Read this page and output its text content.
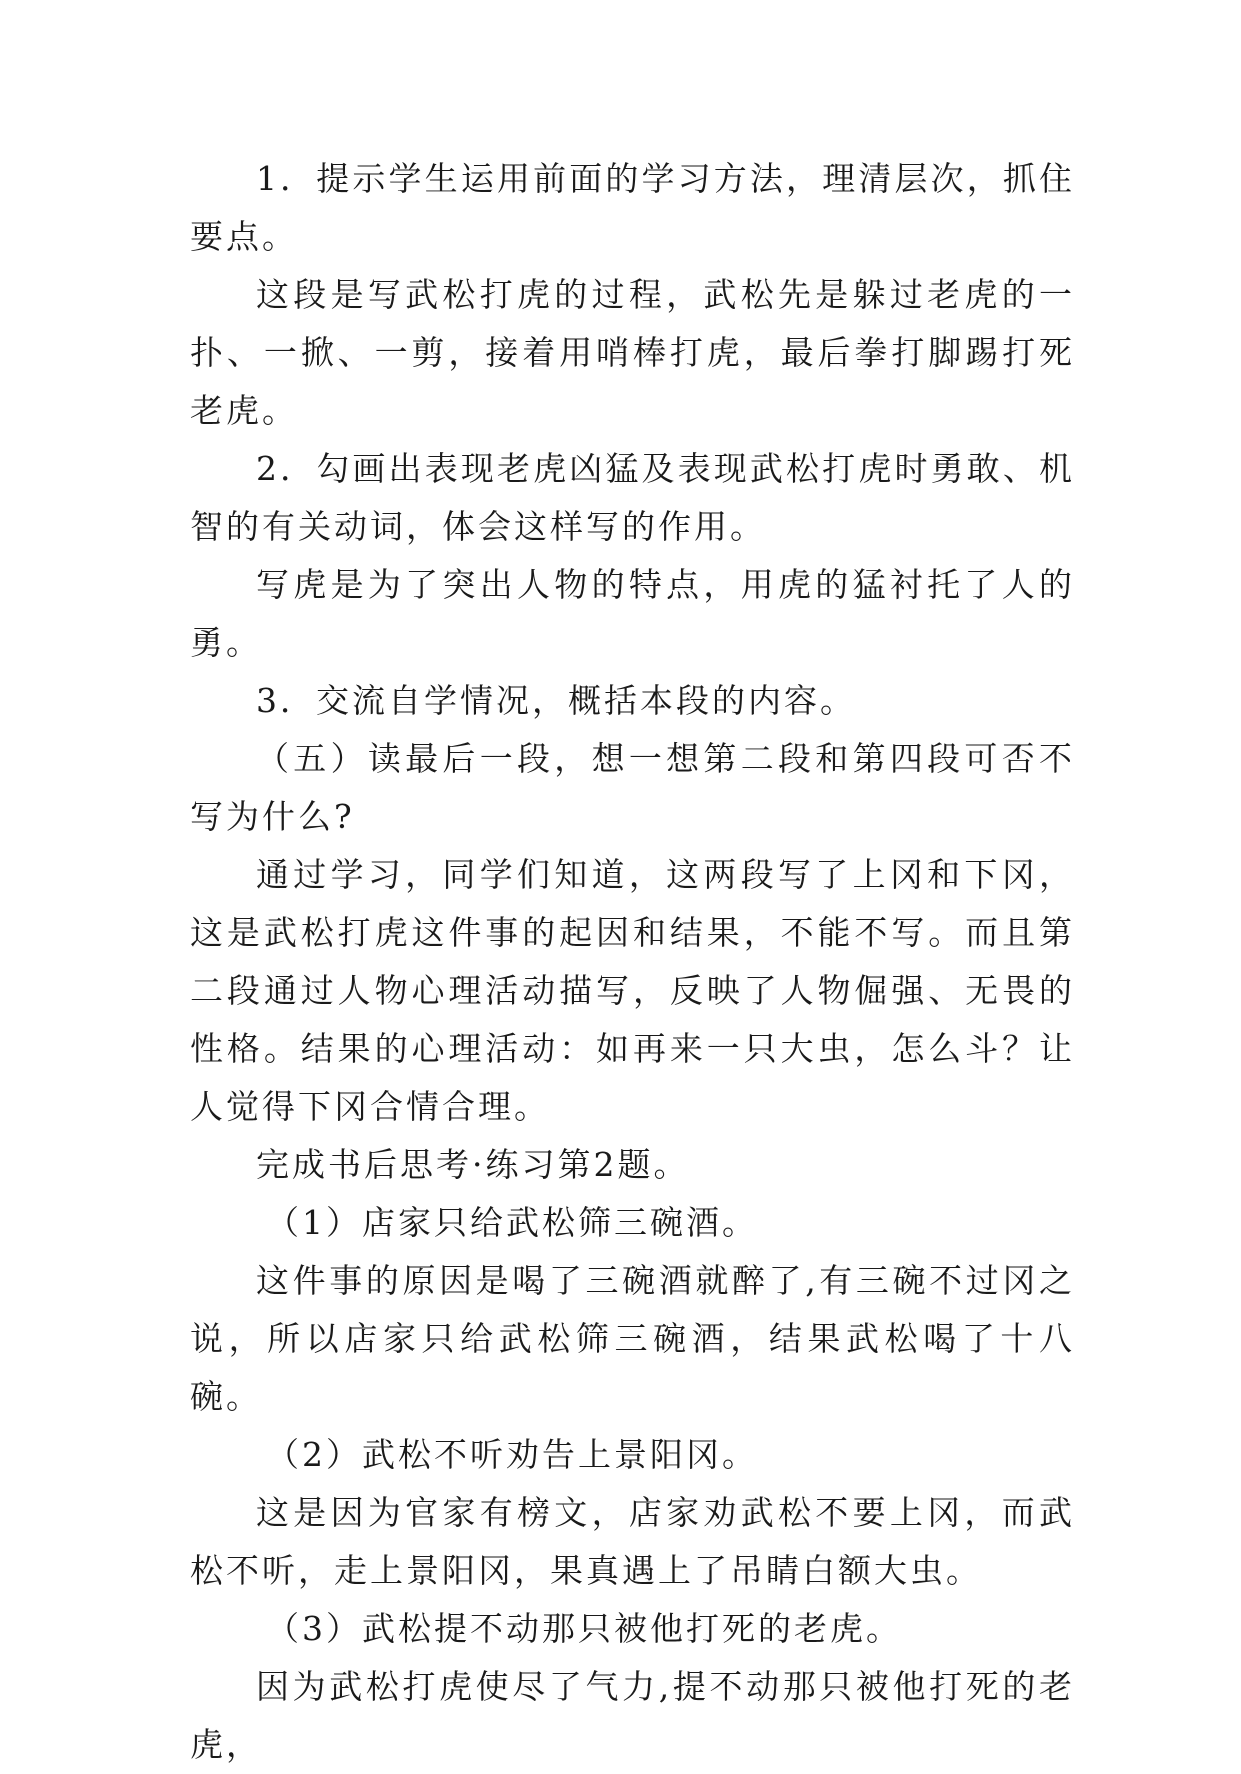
1．提示学生运用前面的学习方法，理清层次，抓住要点。

这段是写武松打虎的过程，武松先是躲过老虎的一扑、一掀、一剪，接着用哨棒打虎，最后拳打脚踢打死老虎。

2．勾画出表现老虎凶猛及表现武松打虎时勇敢、机智的有关动词，体会这样写的作用。

写虎是为了突出人物的特点，用虎的猛衬托了人的勇。

3．交流自学情况，概括本段的内容。

（五）读最后一段，想一想第二段和第四段可否不写为什么?

通过学习，同学们知道，这两段写了上冈和下冈，这是武松打虎这件事的起因和结果，不能不写。而且第二段通过人物心理活动描写，反映了人物倔强、无畏的性格。结果的心理活动：如再来一只大虫，怎么斗？让人觉得下冈合情合理。

完成书后思考·练习第2题。

（1）店家只给武松筛三碗酒。

这件事的原因是喝了三碗酒就醉了,有三碗不过冈之说，所以店家只给武松筛三碗酒，结果武松喝了十八碗。

（2）武松不听劝告上景阳冈。

这是因为官家有榜文，店家劝武松不要上冈，而武松不听，走上景阳冈，果真遇上了吊睛白额大虫。

（3）武松提不动那只被他打死的老虎。

因为武松打虎使尽了气力,提不动那只被他打死的老虎，
